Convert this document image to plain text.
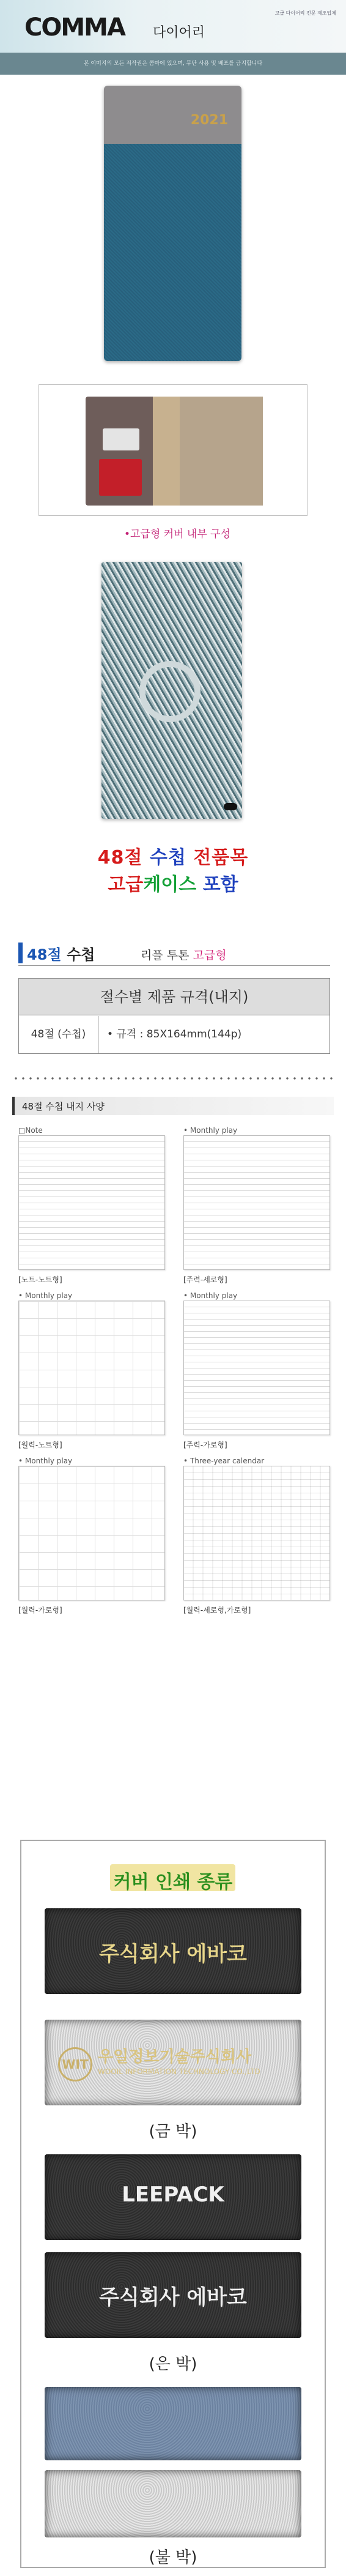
COMMA 다이어리
고급 다이어리 전문 제조업체
본 이미지의 모든 저작권은 콤마에 있으며, 무단 사용 및 배포를 금지합니다
2021
•고급형 커버 내부 구성
48절 수첩 전품목
고급케이스 포함
48절 수첩	리플 투톤 고급형
절수별 제품 규격(내지)
48절 (수첩)	• 규격 : 85X164mm(144p)
48절 수첩 내지 사양
□Note
[노트-노트형]
• Monthly play
[주력-세로형]
• Monthly play
[월력-노트형]
• Monthly play
[주력-가로형]
• Monthly play
[월력-가로형]
• Three-year calendar
[월력-세로형,가로형]
커버 인쇄 종류
주식회사 에바코
WIT 우일정보기술주식회사
WOOIL INFORMATION TECHNOLOGY CO.,LTD
(금 박)
LEEPACK
주식회사 에바코
(은 박)
(불 박)
